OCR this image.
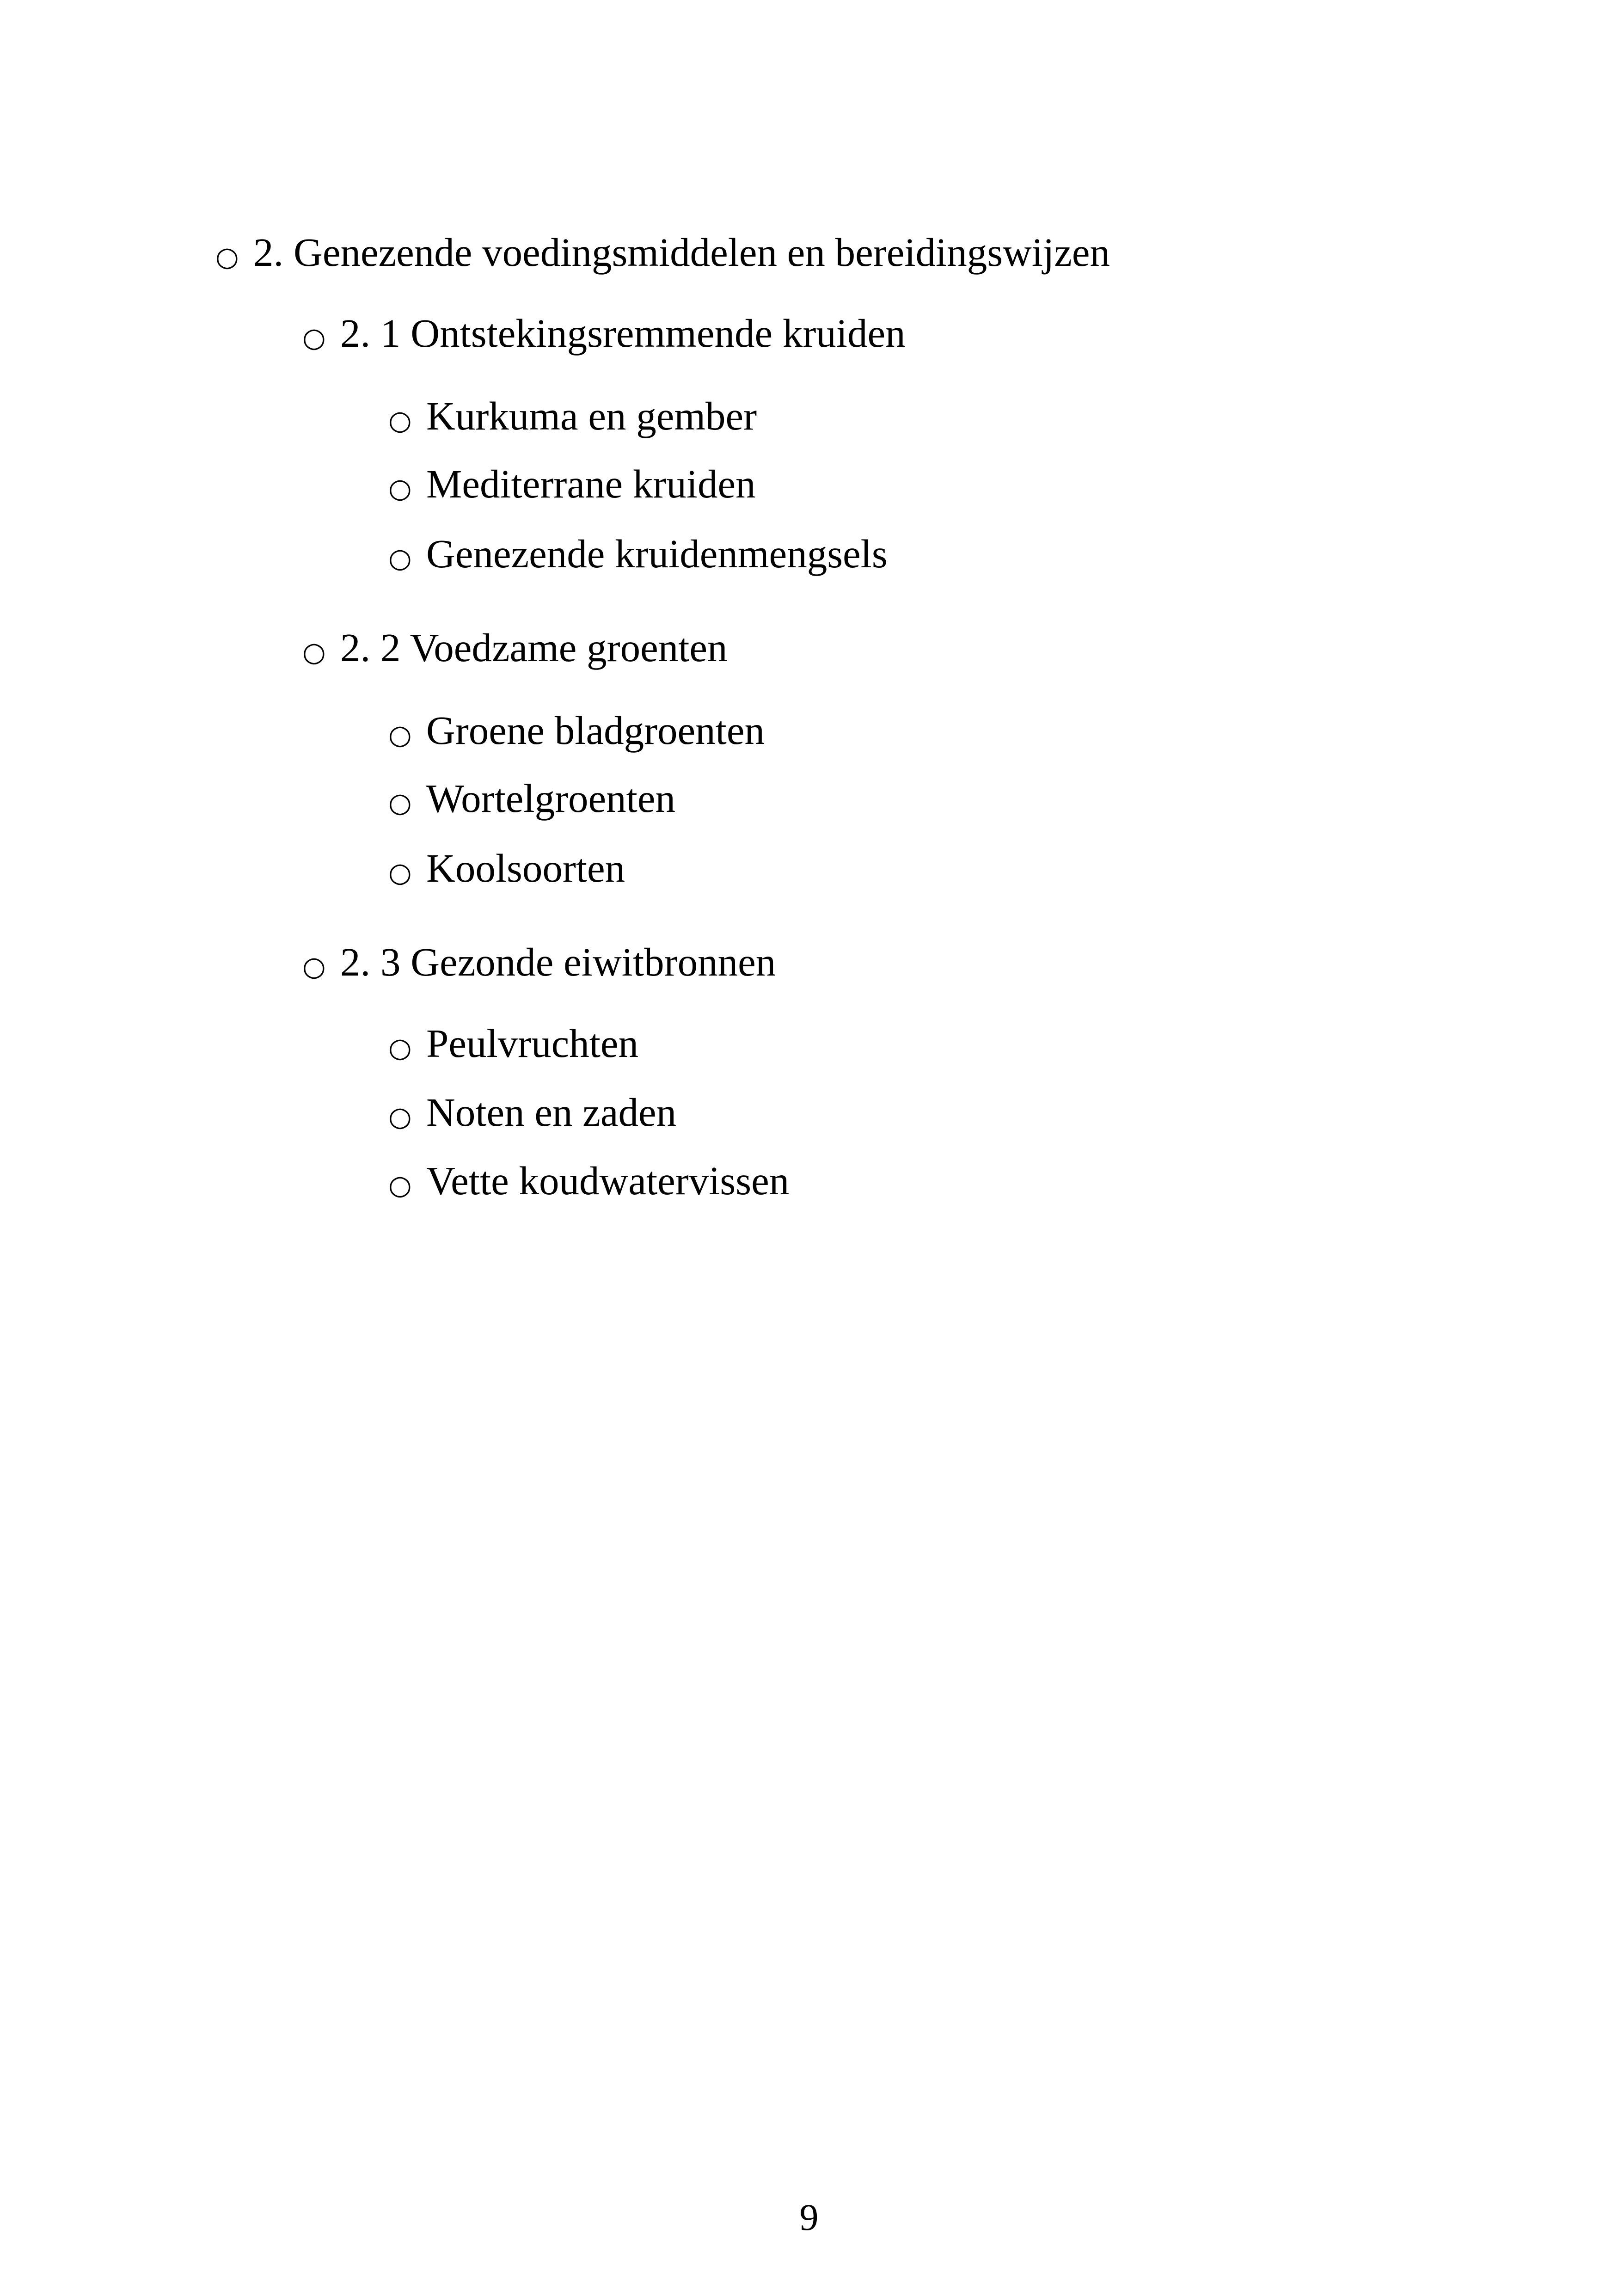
○ 2. Genezende voedingsmiddelen en bereidingswijzen
○ 2. 1 Ontstekingsremmende kruiden
○ Kurkuma en gember
○ Mediterrane kruiden
○ Genezende kruidenmengsels
○ 2. 2 Voedzame groenten
○ Groene bladgroenten
○ Wortelgroenten
○ Koolsoorten
○ 2. 3 Gezonde eiwitbronnen
○ Peulvruchten
○ Noten en zaden
○ Vette koudwatervissen
9
